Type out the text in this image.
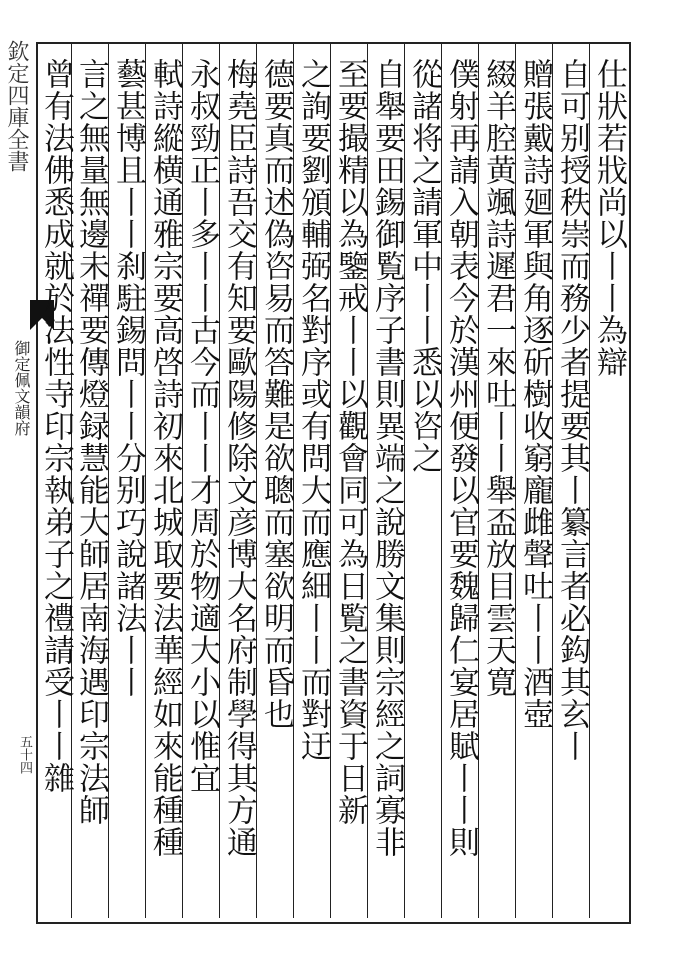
欽定四庫全書
御定佩文韻府
五十四
仕狀若戕尚以丨丨為辯
自可别授秩崇而務少者提要其丨纂言者必鈎其玄丨
贈張戴詩廻軍與角逐斫樹收窮龐雌聲吐丨丨酒壺
綴羊腔黄颯詩遲君一來吐丨丨舉盃放目雲天寛
僕射再請入朝表今於漢州便發以官要魏歸仁宴居賦丨丨則
從諸将之請軍中丨丨悉以咨之
自舉要田錫御覧序子書則異端之說勝文集則宗經之詞寡非
至要撮精以為鑒戒丨丨以觀會同可為日覧之書資于日新
之詢要劉頒輔弼名對序或有問大而應細丨丨而對迂
德要真而述偽咨易而答難是欲聰而塞欲明而昏也
梅堯臣詩吾交有知要歐陽修除文彦博大名府制學得其方通
永叔勁正丨多丨丨古今而丨丨才周於物適大小以惟宜
軾詩縱横通雅宗要高啓詩初來北城取要法華經如來能種種
藝甚博且丨丨刹駐錫問丨丨分别巧說諸法丨丨
言之無量無邊未禪要傳燈録慧能大師居南海遇印宗法師
曾有法佛悉成就於法性寺印宗執弟子之禮請受丨丨雜
